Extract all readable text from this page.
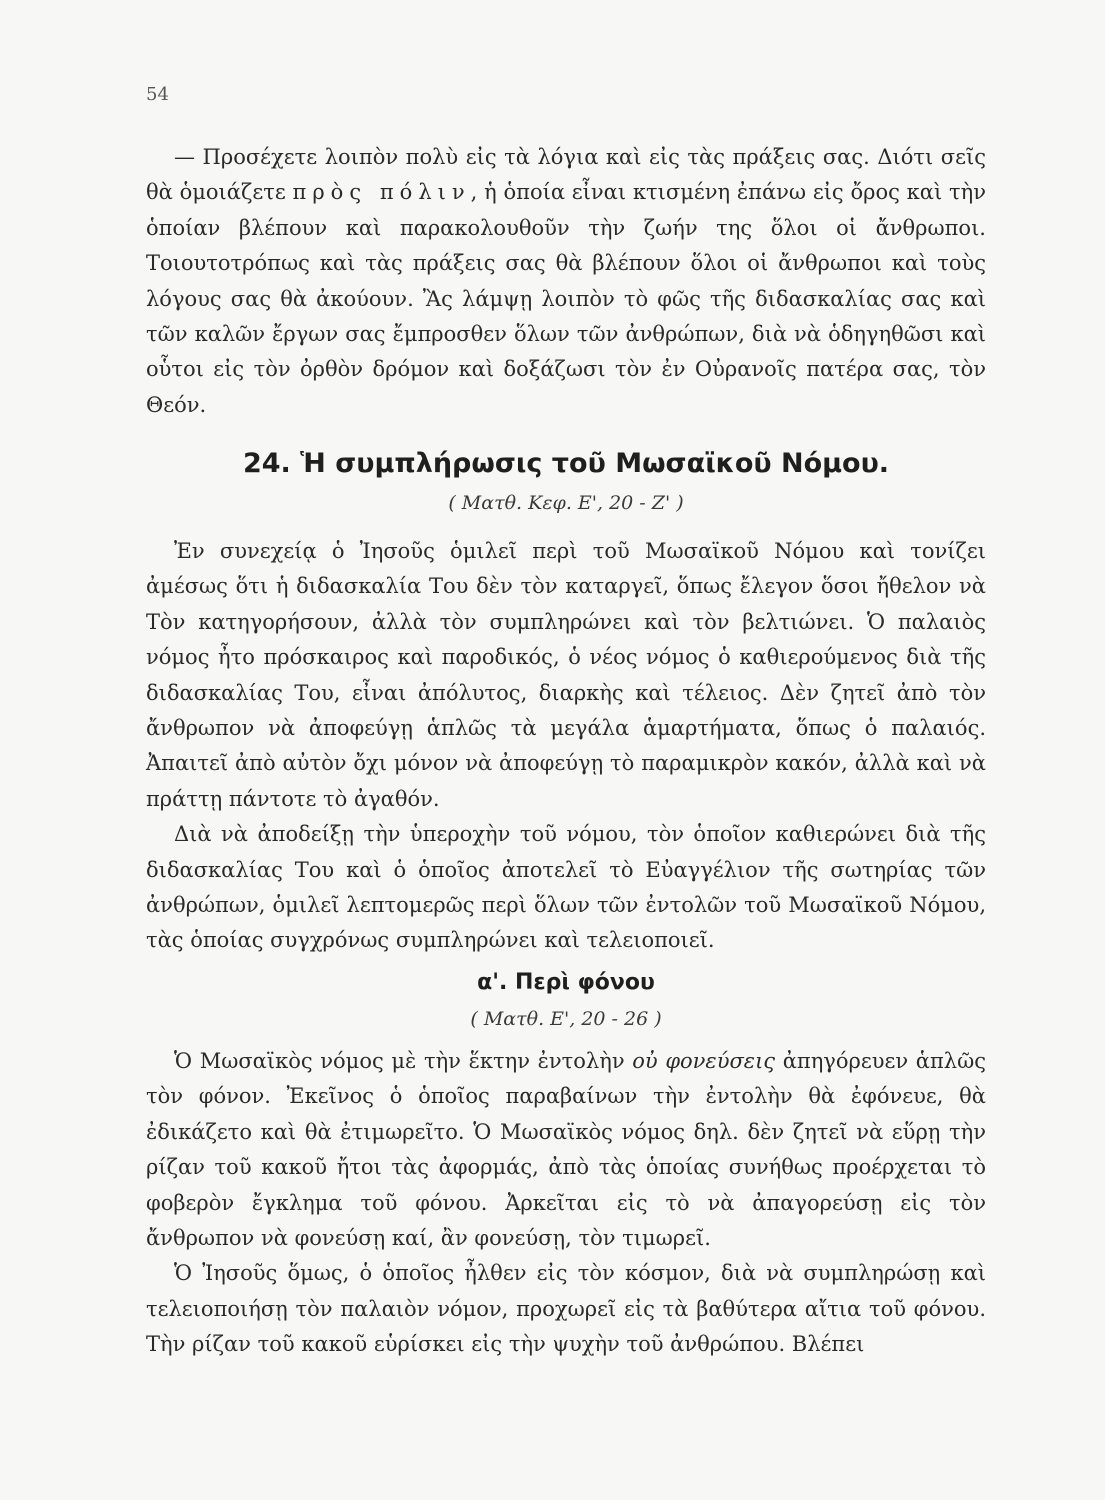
54

— Προσέχετε λοιπὸν πολὺ εἰς τὰ λόγια καὶ εἰς τὰς πράξεις σας. Διότι σεῖς θὰ ὁμοιάζετε πρὸς πόλιν, ἡ ὁποία εἶναι κτισμένη ἐπάνω εἰς ὄρος καὶ τὴν ὁποίαν βλέπουν καὶ παρακολουθοῦν τὴν ζωήν της ὅλοι οἱ ἄνθρωποι. Τοιουτοτρόπως καὶ τὰς πράξεις σας θὰ βλέπουν ὅλοι οἱ ἄνθρωποι καὶ τοὺς λόγους σας θὰ ἀκούουν. Ἂς λάμψῃ λοιπὸν τὸ φῶς τῆς διδασκαλίας σας καὶ τῶν καλῶν ἔργων σας ἔμπροσθεν ὅλων τῶν ἀνθρώπων, διὰ νὰ ὁδηγηθῶσι καὶ οὗτοι εἰς τὸν ὀρθὸν δρόμον καὶ δοξάζωσι τὸν ἐν Οὐρανοῖς πατέρα σας, τὸν Θεόν.

24. Ἡ συμπλήρωσις τοῦ Μωσαϊκοῦ Νόμου.
( Ματθ. Κεφ. Ε', 20 - Ζ' )

Ἐν συνεχείᾳ ὁ Ἰησοῦς ὁμιλεῖ περὶ τοῦ Μωσαϊκοῦ Νόμου καὶ τονίζει ἀμέσως ὅτι ἡ διδασκαλία Του δὲν τὸν καταργεῖ, ὅπως ἔλεγον ὅσοι ἤθελον νὰ Τὸν κατηγορήσουν, ἀλλὰ τὸν συμπληρώνει καὶ τὸν βελτιώνει. Ὁ παλαιὸς νόμος ἦτο πρόσκαιρος καὶ παροδικός, ὁ νέος νόμος ὁ καθιερούμενος διὰ τῆς διδασκαλίας Του, εἶναι ἀπόλυτος, διαρκὴς καὶ τέλειος. Δὲν ζητεῖ ἀπὸ τὸν ἄνθρωπον νὰ ἀποφεύγῃ ἁπλῶς τὰ μεγάλα ἁμαρτήματα, ὅπως ὁ παλαιός. Ἀπαιτεῖ ἀπὸ αὐτὸν ὄχι μόνον νὰ ἀποφεύγῃ τὸ παραμικρὸν κακόν, ἀλλὰ καὶ νὰ πράττῃ πάντοτε τὸ ἀγαθόν.

Διὰ νὰ ἀποδείξῃ τὴν ὑπεροχὴν τοῦ νόμου, τὸν ὁποῖον καθιερώνει διὰ τῆς διδασκαλίας Του καὶ ὁ ὁποῖος ἀποτελεῖ τὸ Εὐαγγέλιον τῆς σωτηρίας τῶν ἀνθρώπων, ὁμιλεῖ λεπτομερῶς περὶ ὅλων τῶν ἐντολῶν τοῦ Μωσαϊκοῦ Νόμου, τὰς ὁποίας συγχρόνως συμπληρώνει καὶ τελειοποιεῖ.

α'. Περὶ φόνου
( Ματθ. Ε', 20 - 26 )

Ὁ Μωσαϊκὸς νόμος μὲ τὴν ἕκτην ἐντολὴν οὐ φονεύσεις ἀπηγόρευεν ἁπλῶς τὸν φόνον. Ἐκεῖνος ὁ ὁποῖος παραβαίνων τὴν ἐντολὴν θὰ ἐφόνευε, θὰ ἐδικάζετο καὶ θὰ ἐτιμωρεῖτο. Ὁ Μωσαϊκὸς νόμος δηλ. δὲν ζητεῖ νὰ εὕρῃ τὴν ρίζαν τοῦ κακοῦ ἤτοι τὰς ἀφορμάς, ἀπὸ τὰς ὁποίας συνήθως προέρχεται τὸ φοβερὸν ἔγκλημα τοῦ φόνου. Ἀρκεῖται εἰς τὸ νὰ ἀπαγορεύσῃ εἰς τὸν ἄνθρωπον νὰ φονεύσῃ καί, ἂν φονεύσῃ, τὸν τιμωρεῖ.

Ὁ Ἰησοῦς ὅμως, ὁ ὁποῖος ἦλθεν εἰς τὸν κόσμον, διὰ νὰ συμπληρώσῃ καὶ τελειοποιήσῃ τὸν παλαιὸν νόμον, προχωρεῖ εἰς τὰ βαθύτερα αἴτια τοῦ φόνου. Τὴν ρίζαν τοῦ κακοῦ εὑρίσκει εἰς τὴν ψυχὴν τοῦ ἀνθρώπου. Βλέπει
